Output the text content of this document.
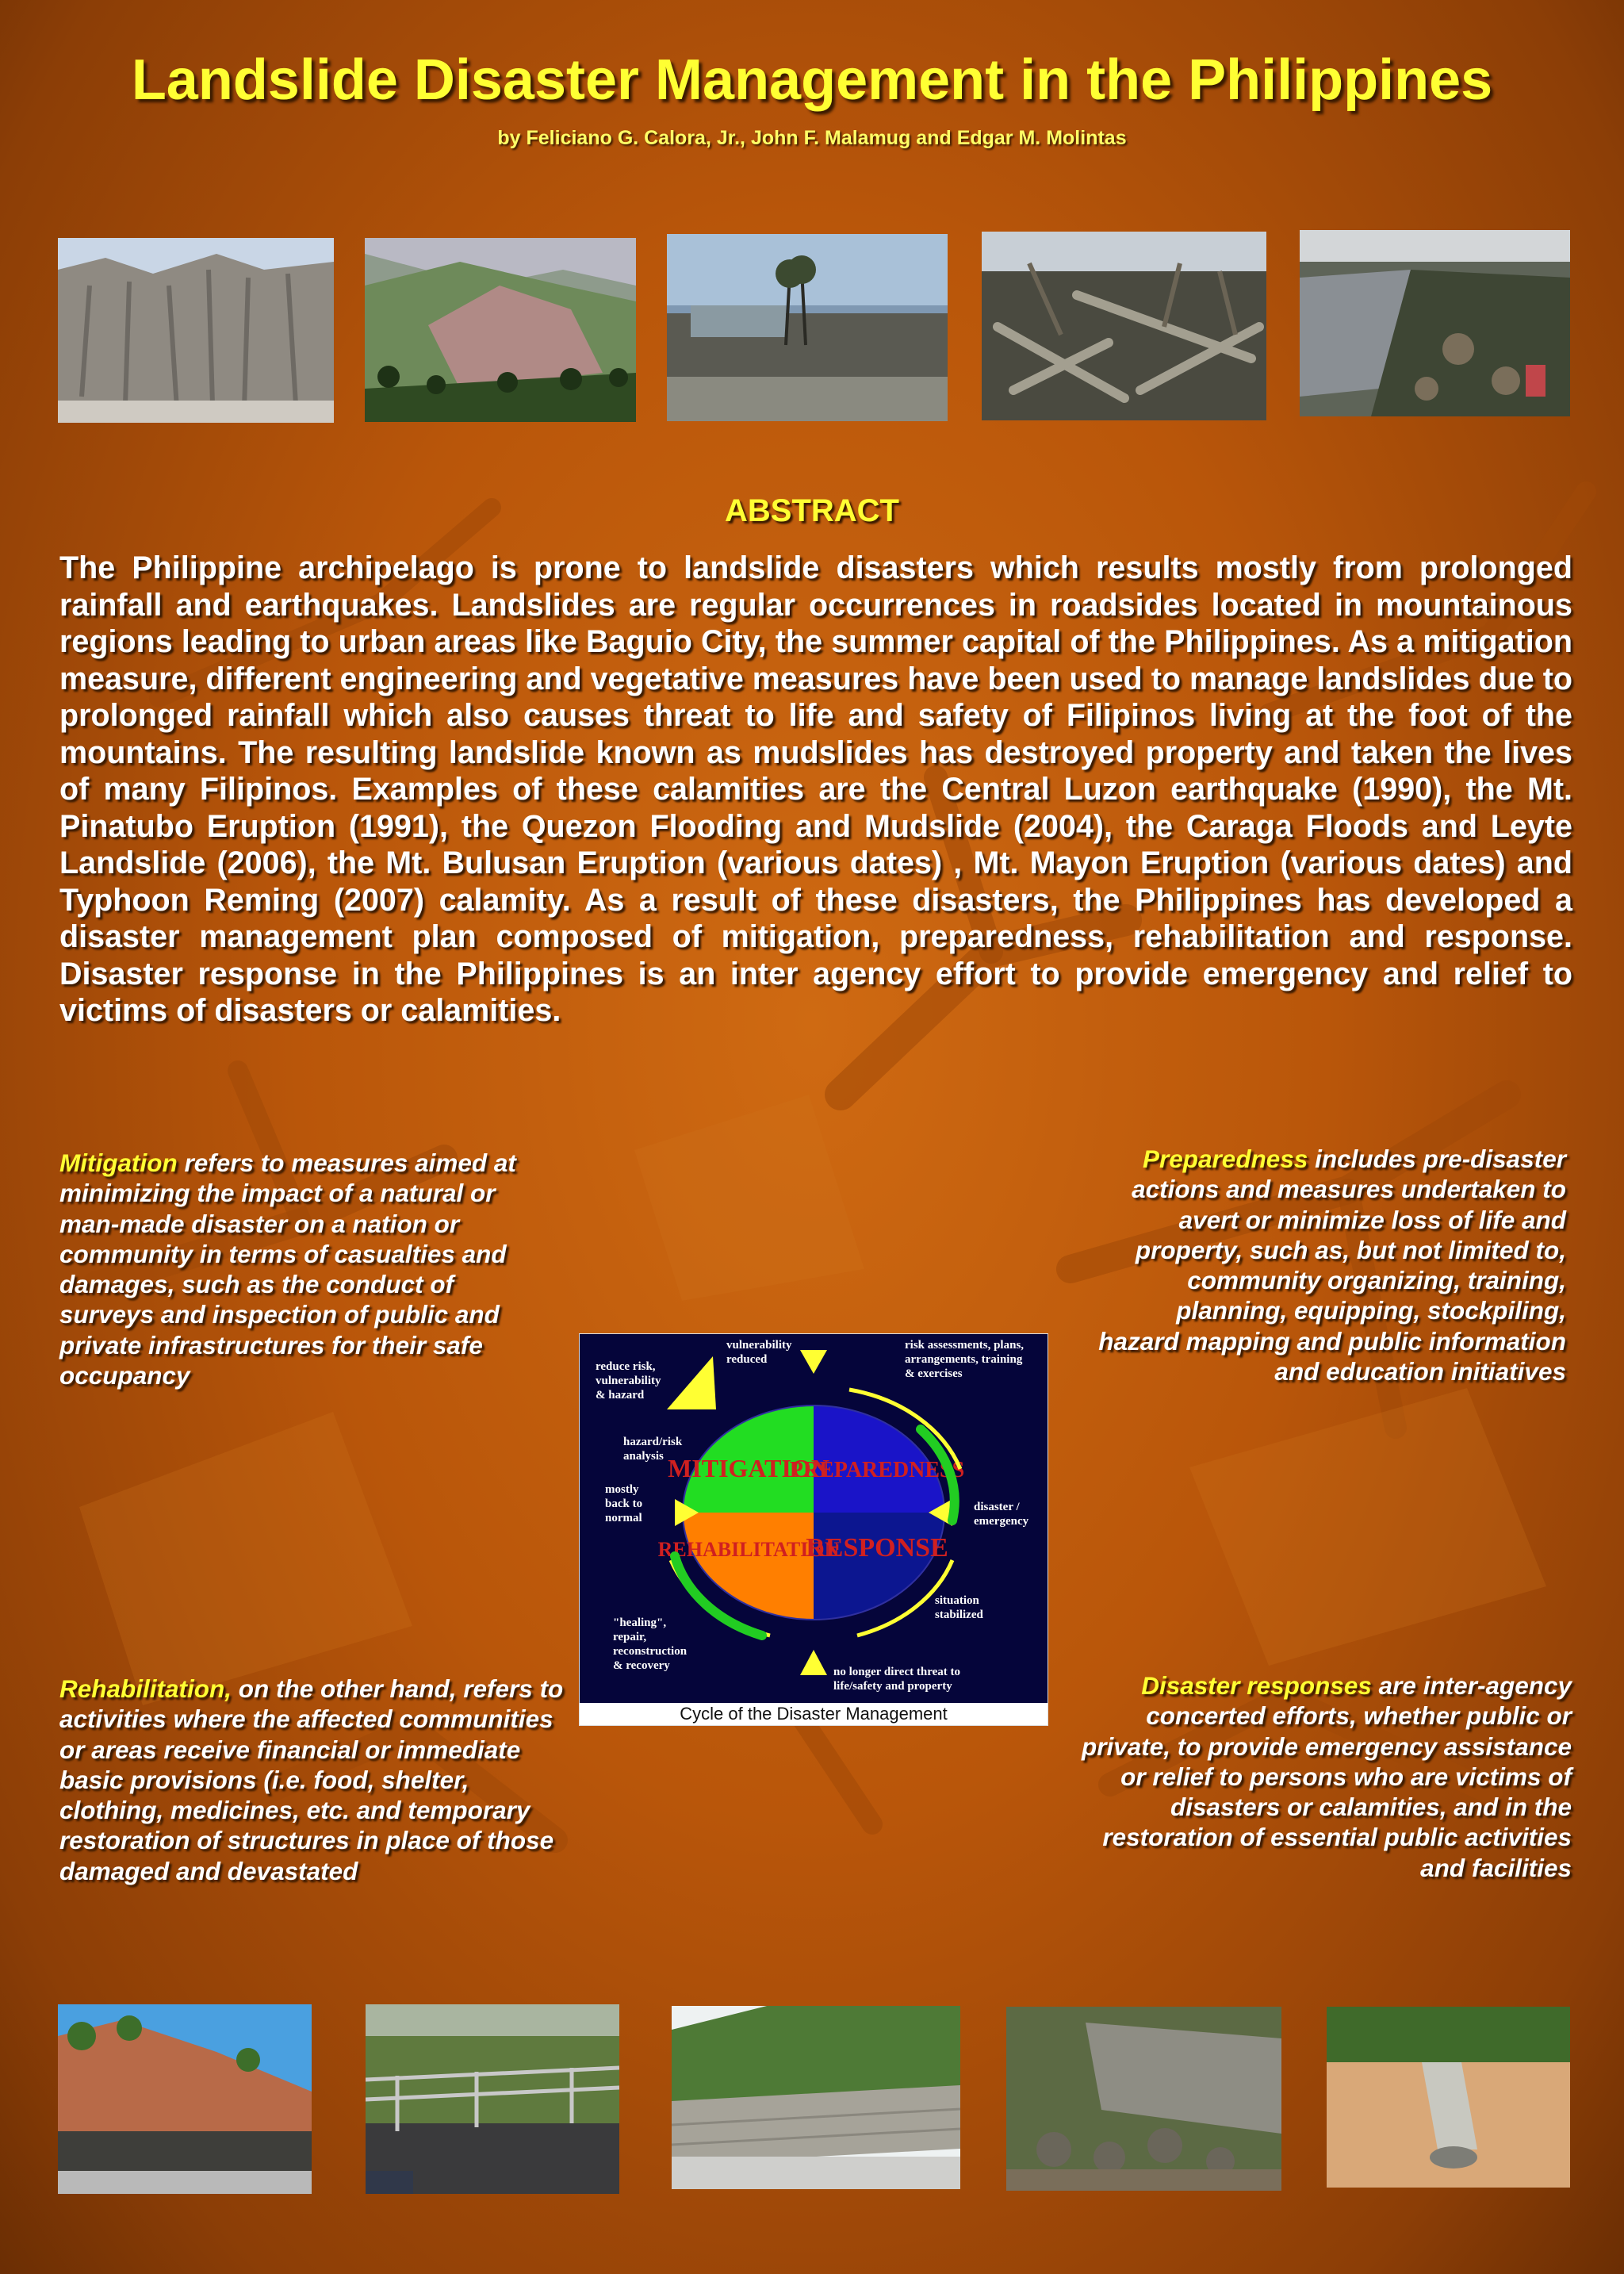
Landslide Disaster Management in the Philippines
by Feliciano G. Calora, Jr., John F. Malamug and Edgar M. Molintas
ABSTRACT
The Philippine archipelago is prone to landslide disasters which results mostly from prolonged rainfall and earthquakes. Landslides are regular occurrences in roadsides located in mountainous regions leading to urban areas like Baguio City, the summer capital of the Philippines. As a mitigation measure, different engineering and vegetative measures have been used to manage landslides due to prolonged rainfall which also causes threat to life and safety of Filipinos living at the foot of the mountains. The resulting landslide known as mudslides has destroyed property and taken the lives of many Filipinos. Examples of these calamities are the Central Luzon earthquake (1990), the Mt. Pinatubo Eruption (1991), the Quezon Flooding and Mudslide (2004), the Caraga Floods and Leyte Landslide (2006), the Mt. Bulusan Eruption (various dates) , Mt. Mayon Eruption (various dates) and Typhoon Reming (2007) calamity. As a result of these disasters, the Philippines has developed a disaster management plan composed of mitigation, preparedness, rehabilitation and response. Disaster response in the Philippines is an inter agency effort to provide emergency and relief to victims of disasters or calamities.
Mitigation refers to measures aimed at minimizing the impact of a natural or man-made disaster on a nation or community in terms of casualties and damages, such as the conduct of surveys and inspection of public and private infrastructures for their safe occupancy
Preparedness includes pre-disaster actions and measures undertaken to avert or minimize loss of life and property, such as, but not limited to, community organizing, training, planning, equipping, stockpiling, hazard mapping and public information and education initiatives
Rehabilitation, on the other hand, refers to activities where the affected communities or areas receive financial or immediate basic provisions (i.e. food, shelter, clothing, medicines, etc. and temporary restoration of structures in place of those damaged and devastated
Disaster responses are inter-agency concerted efforts, whether public or private, to provide emergency assistance or relief to persons who are victims of disasters or calamities, and in the restoration of essential public activities and facilities
MITIGATION
PREPAREDNESS
REHABILITATION
RESPONSE
reduce risk, vulnerability & hazard
vulnerability reduced
risk assessments, plans, arrangements, training & exercises
hazard/risk analysis
mostly back to normal
disaster / emergency
situation stabilized
"healing", repair, reconstruction & recovery	no longer direct threat to life/safety and property
Cycle of the Disaster Management
